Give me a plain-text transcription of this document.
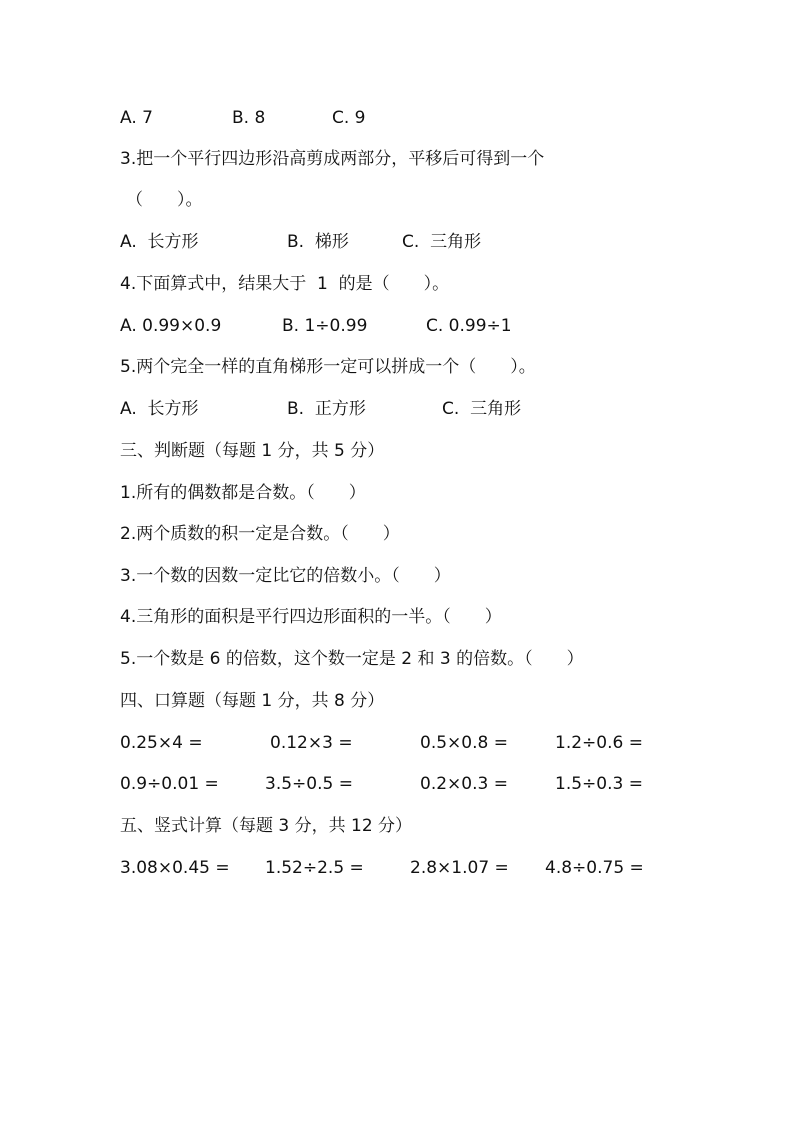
A. 7	B. 8	C. 9
3.把一个平行四边形沿高剪成两部分，平移后可得到一个
（　　）。
A.  长方形	B.  梯形	C.  三角形
4.下面算式中，结果大于  1  的是（　　）。
A. 0.99×0.9	B. 1÷0.99	C. 0.99÷1
5.两个完全一样的直角梯形一定可以拼成一个（　　）。
A.  长方形	B.  正方形	C.  三角形
三、判断题（每题 1 分，共 5 分）
1.所有的偶数都是合数。（　　）
2.两个质数的积一定是合数。（　　）
3.一个数的因数一定比它的倍数小。（　　）
4.三角形的面积是平行四边形面积的一半。（　　）
5.一个数是 6 的倍数，这个数一定是 2 和 3 的倍数。（　　）
四、口算题（每题 1 分，共 8 分）
0.25×4 =	0.12×3 =	0.5×0.8 =	1.2÷0.6 =
0.9÷0.01 =	3.5÷0.5 =	0.2×0.3 =	1.5÷0.3 =
五、竖式计算（每题 3 分，共 12 分）
3.08×0.45 = 1.52÷2.5 =	2.8×1.07 = 4.8÷0.75 =
